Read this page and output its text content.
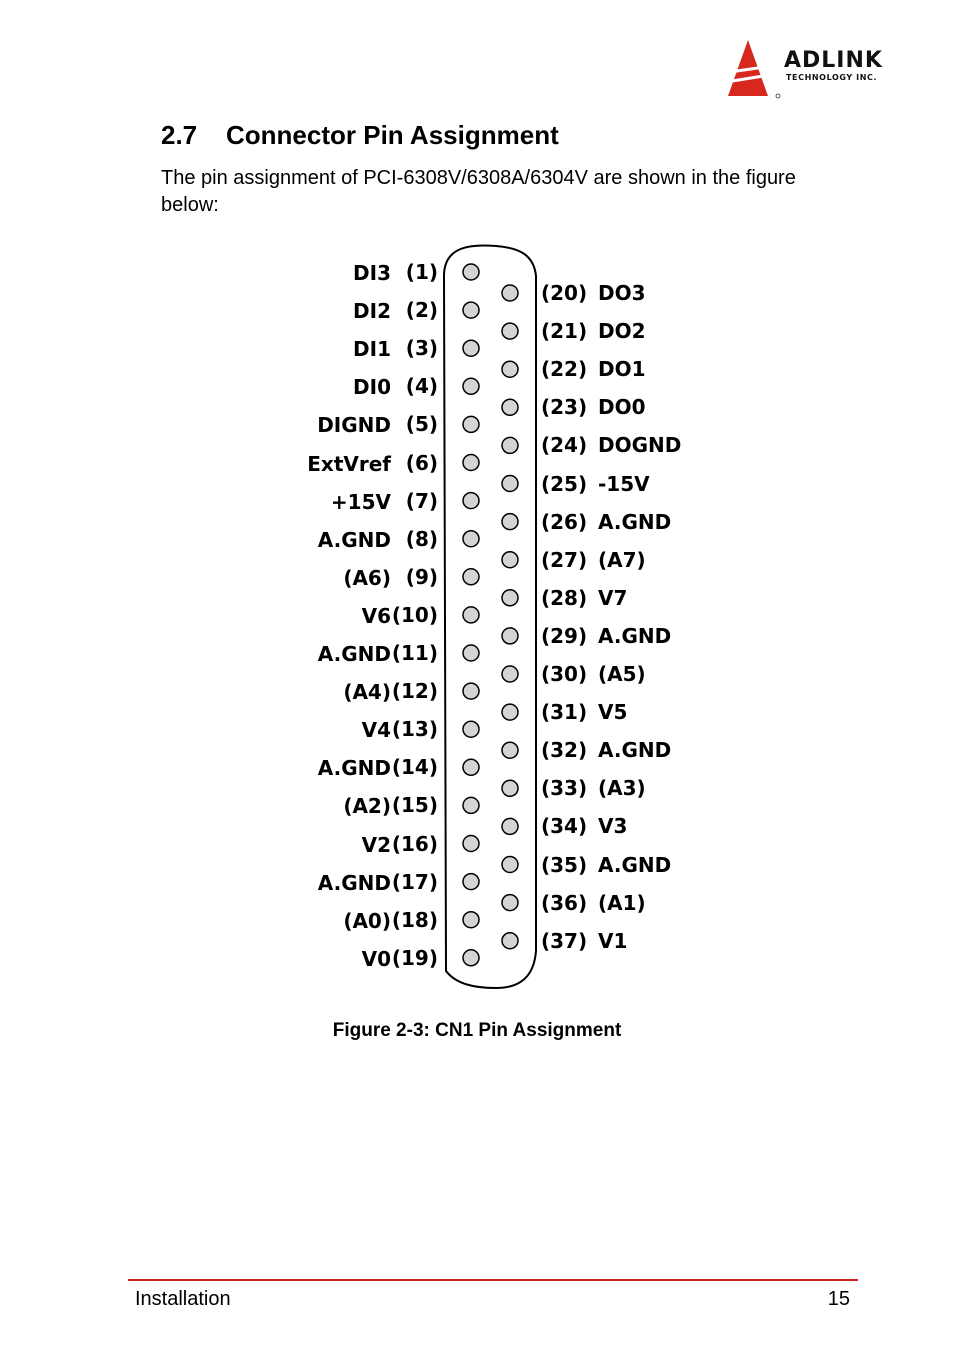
ADLINK
TECHNOLOGY INC.
2.7 Connector Pin Assignment

The pin assignment of PCI-6308V/6308A/6304V are shown in the figure below:

DI3 (1)
DI2 (2)
DI1 (3)
DI0 (4)
DIGND (5)
ExtVref (6)
+15V (7)
A.GND (8)
(A6) (9)
V6 (10)
A.GND (11)
(A4) (12)
V4 (13)
A.GND (14)
(A2) (15)
V2 (16)
A.GND (17)
(A0) (18)
V0 (19)
(20) DO3
(21) DO2
(22) DO1
(23) DO0
(24) DOGND
(25) -15V
(26) A.GND
(27) (A7)
(28) V7
(29) A.GND
(30) (A5)
(31) V5
(32) A.GND
(33) (A3)
(34) V3
(35) A.GND
(36) (A1)
(37) V1

Figure 2-3: CN1 Pin Assignment

Installation	15
